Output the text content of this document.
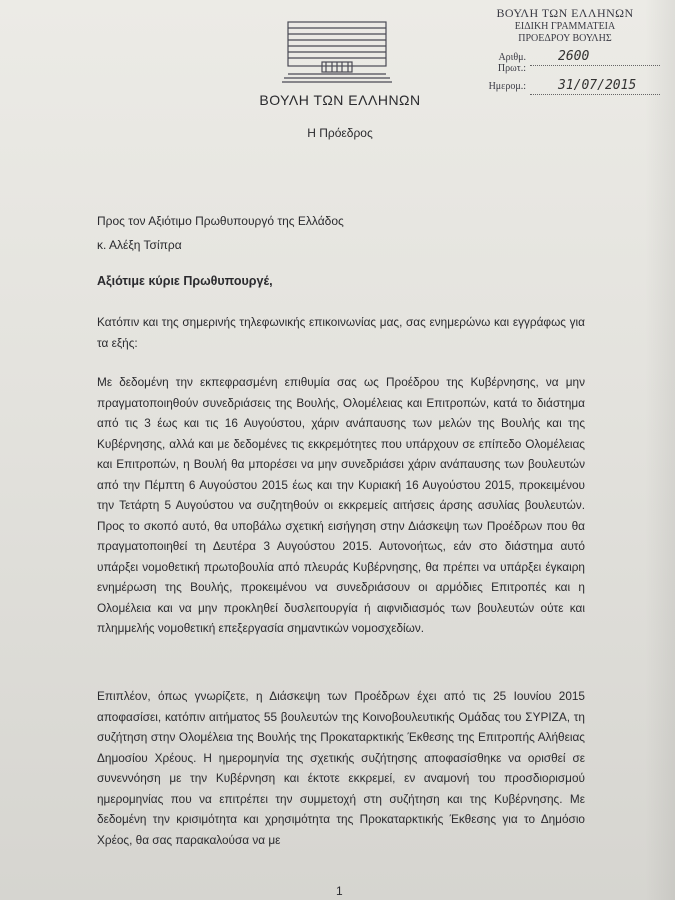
ΒΟΥΛΗ ΤΩΝ ΕΛΛΗΝΩΝ
Η Πρόεδρος
ΒΟΥΛΗ ΤΩΝ ΕΛΛΗΝΩΝ
ΕΙΔΙΚΗ ΓΡΑΜΜΑΤΕΙΑ
ΠΡΟΕΔΡΟΥ ΒΟΥΛΗΣ
Αριθμ. Πρωτ.:
2600
Ημερομ.:	31/07/2015
Προς τον Αξιότιμο Πρωθυπουργό της Ελλάδος
κ. Αλέξη Τσίπρα
Αξιότιμε κύριε Πρωθυπουργέ,
Κατόπιν και της σημερινής τηλεφωνικής επικοινωνίας μας, σας ενημερώνω και εγγράφως για τα εξής:
Με δεδομένη την εκπεφρασμένη επιθυμία σας ως Προέδρου της Κυβέρνησης, να μην πραγματοποιηθούν συνεδριάσεις της Βουλής, Ολομέλειας και Επιτροπών, κατά το διάστημα από τις 3 έως και τις 16 Αυγούστου, χάριν ανάπαυσης των μελών της Βουλής και της Κυβέρνησης, αλλά και με δεδομένες τις εκκρεμότητες που υπάρχουν σε επίπεδο Ολομέλειας και Επιτροπών, η Βουλή θα μπορέσει να μην συνεδριάσει χάριν ανάπαυσης των βουλευτών από την Πέμπτη 6 Αυγούστου 2015 έως και την Κυριακή 16 Αυγούστου 2015, προκειμένου την Τετάρτη 5 Αυγούστου να συζητηθούν οι εκκρεμείς αιτήσεις άρσης ασυλίας βουλευτών. Προς το σκοπό αυτό, θα υποβάλω σχετική εισήγηση στην Διάσκεψη των Προέδρων που θα πραγματοποιηθεί τη Δευτέρα 3 Αυγούστου 2015. Αυτονοήτως, εάν στο διάστημα αυτό υπάρξει νομοθετική πρωτοβουλία από πλευράς Κυβέρνησης, θα πρέπει να υπάρξει έγκαιρη ενημέρωση της Βουλής, προκειμένου να συνεδριάσουν οι αρμόδιες Επιτροπές και η Ολομέλεια και να μην προκληθεί δυσλειτουργία ή αιφνιδιασμός των βουλευτών ούτε και πλημμελής νομοθετική επεξεργασία σημαντικών νομοσχεδίων.
Επιπλέον, όπως γνωρίζετε, η Διάσκεψη των Προέδρων έχει από τις 25 Ιουνίου 2015 αποφασίσει, κατόπιν αιτήματος 55 βουλευτών της Κοινοβουλευτικής Ομάδας του ΣΥΡΙΖΑ, τη συζήτηση στην Ολομέλεια της Βουλής της Προκαταρκτικής Έκθεσης της Επιτροπής Αλήθειας Δημοσίου Χρέους. Η ημερομηνία της σχετικής συζήτησης αποφασίσθηκε να ορισθεί σε συνεννόηση με την Κυβέρνηση και έκτοτε εκκρεμεί, εν αναμονή του προσδιορισμού ημερομηνίας που να επιτρέπει την συμμετοχή στη συζήτηση και της Κυβέρνησης. Με δεδομένη την κρισιμότητα και χρησιμότητα της Προκαταρκτικής Έκθεσης για το Δημόσιο Χρέος, θα σας παρακαλούσα να με
1
